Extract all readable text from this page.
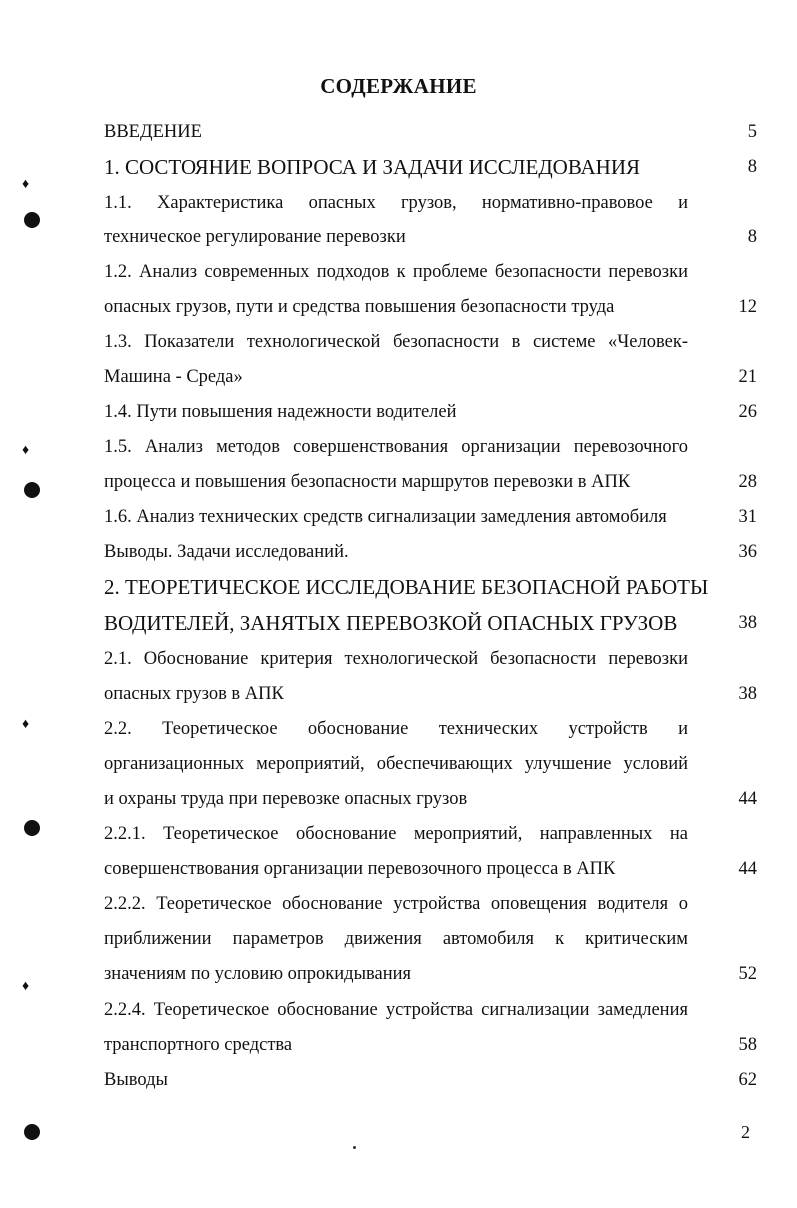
СОДЕРЖАНИЕ
ВВЕДЕНИЕ	5
1. СОСТОЯНИЕ ВОПРОСА И ЗАДАЧИ ИССЛЕДОВАНИЯ	8
1.1. Характеристика опасных грузов, нормативно-правовое и
техническое регулирование перевозки	8
1.2. Анализ современных подходов к проблеме безопасности перевозки
опасных грузов, пути и средства повышения безопасности труда	12
1.3. Показатели технологической безопасности в системе «Человек-
Машина - Среда»	21
1.4. Пути повышения надежности водителей	26
1.5. Анализ методов совершенствования организации перевозочного
процесса и повышения безопасности маршрутов перевозки в АПК	28
1.6. Анализ технических средств сигнализации замедления автомобиля	31
Выводы. Задачи исследований.	36
2. ТЕОРЕТИЧЕСКОЕ ИССЛЕДОВАНИЕ БЕЗОПАСНОЙ РАБОТЫ
ВОДИТЕЛЕЙ, ЗАНЯТЫХ ПЕРЕВОЗКОЙ ОПАСНЫХ ГРУЗОВ	38
2.1. Обоснование критерия технологической безопасности перевозки
опасных грузов в АПК	38
2.2. Теоретическое обоснование технических устройств и
организационных мероприятий, обеспечивающих улучшение условий
и охраны труда при перевозке опасных грузов	44
2.2.1. Теоретическое обоснование мероприятий, направленных на
совершенствования организации перевозочного процесса в АПК	44
2.2.2. Теоретическое обоснование устройства оповещения водителя о
приближении параметров движения автомобиля к критическим
значениям по условию опрокидывания	52
2.2.4. Теоретическое обоснование устройства сигнализации замедления
транспортного средства	58
Выводы	62
2
♦
♦
♦
♦
